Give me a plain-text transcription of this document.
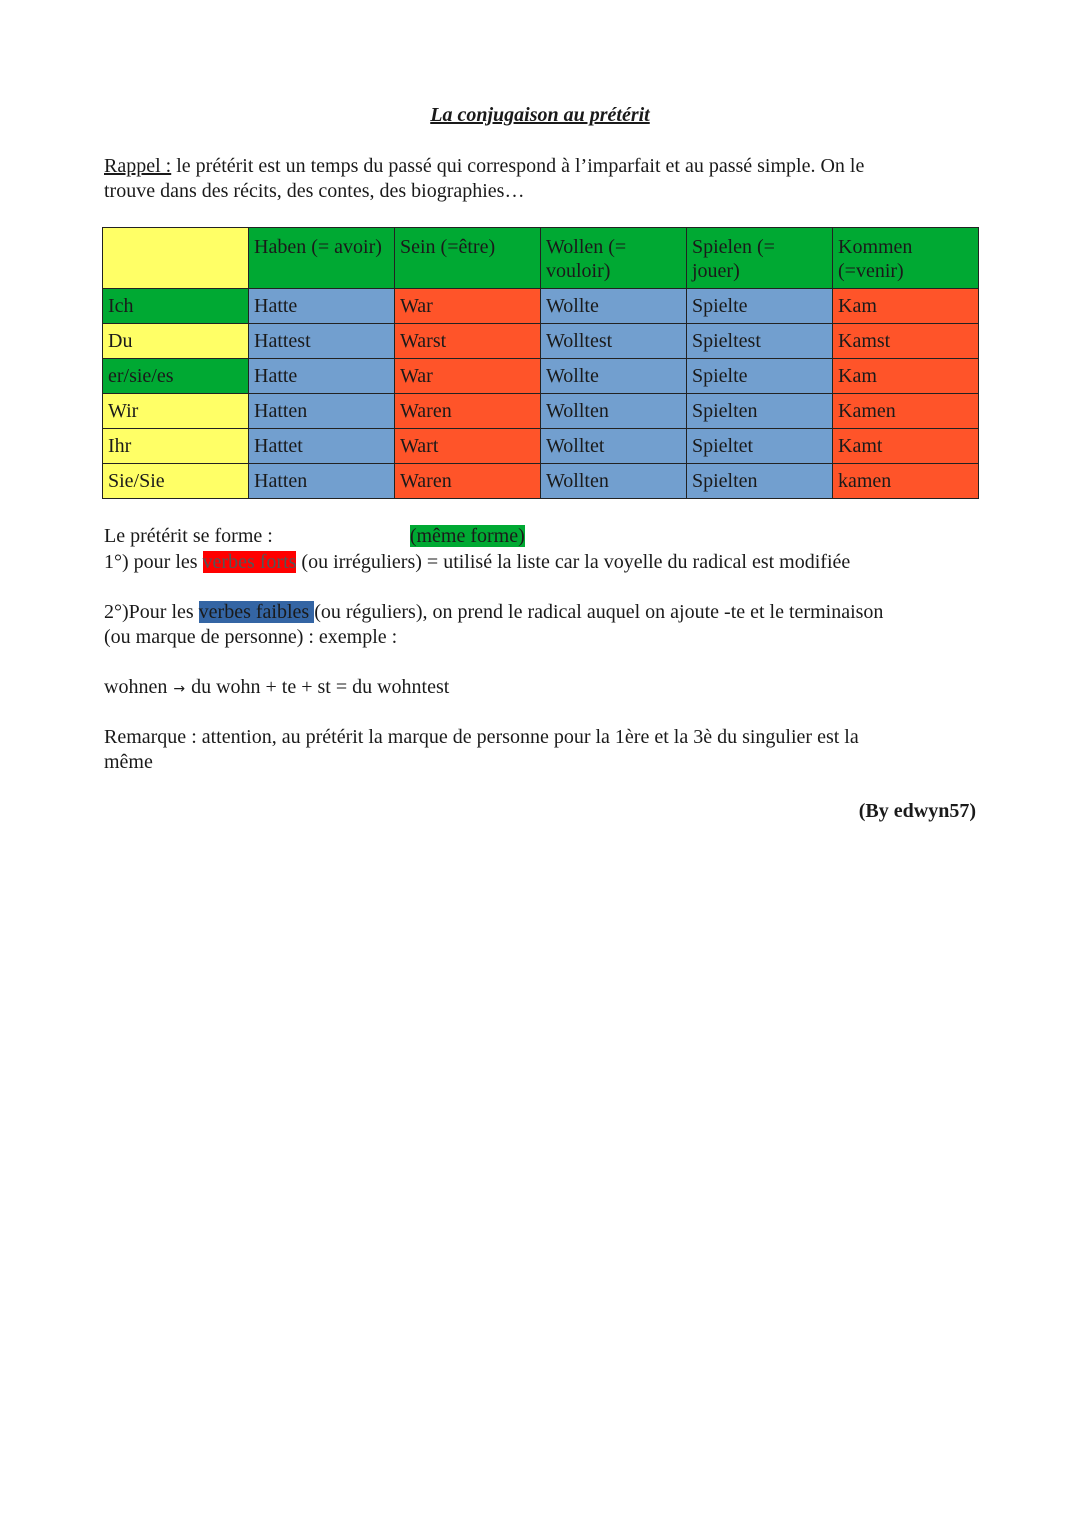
La conjugaison au prétérit
Rappel : le prétérit est un temps du passé qui correspond à l’imparfait et au passé simple. On le
trouve dans des récits, des contes, des biographies…
	Haben (= avoir)	Sein (=être)	Wollen (= vouloir)	Spielen (= jouer)	Kommen (=venir)
Ich	Hatte	War	Wollte	Spielte	Kam
Du	Hattest	Warst	Wolltest	Spieltest	Kamst
er/sie/es	Hatte	War	Wollte	Spielte	Kam
Wir	Hatten	Waren	Wollten	Spielten	Kamen
Ihr	Hattet	Wart	Wolltet	Spieltet	Kamt
Sie/Sie	Hatten	Waren	Wollten	Spielten	kamen
Le prétérit se forme :	(même forme)
1°) pour les verbes forts (ou irréguliers) = utilisé la liste car la voyelle du radical est modifiée
2°)Pour les verbes faibles (ou réguliers), on prend le radical auquel on ajoute -te et le terminaison
(ou marque de personne) : exemple :
wohnen → du wohn + te + st = du wohntest
Remarque : attention, au prétérit la marque de personne pour la 1ère et la 3è du singulier est la
même
(By edwyn57)
